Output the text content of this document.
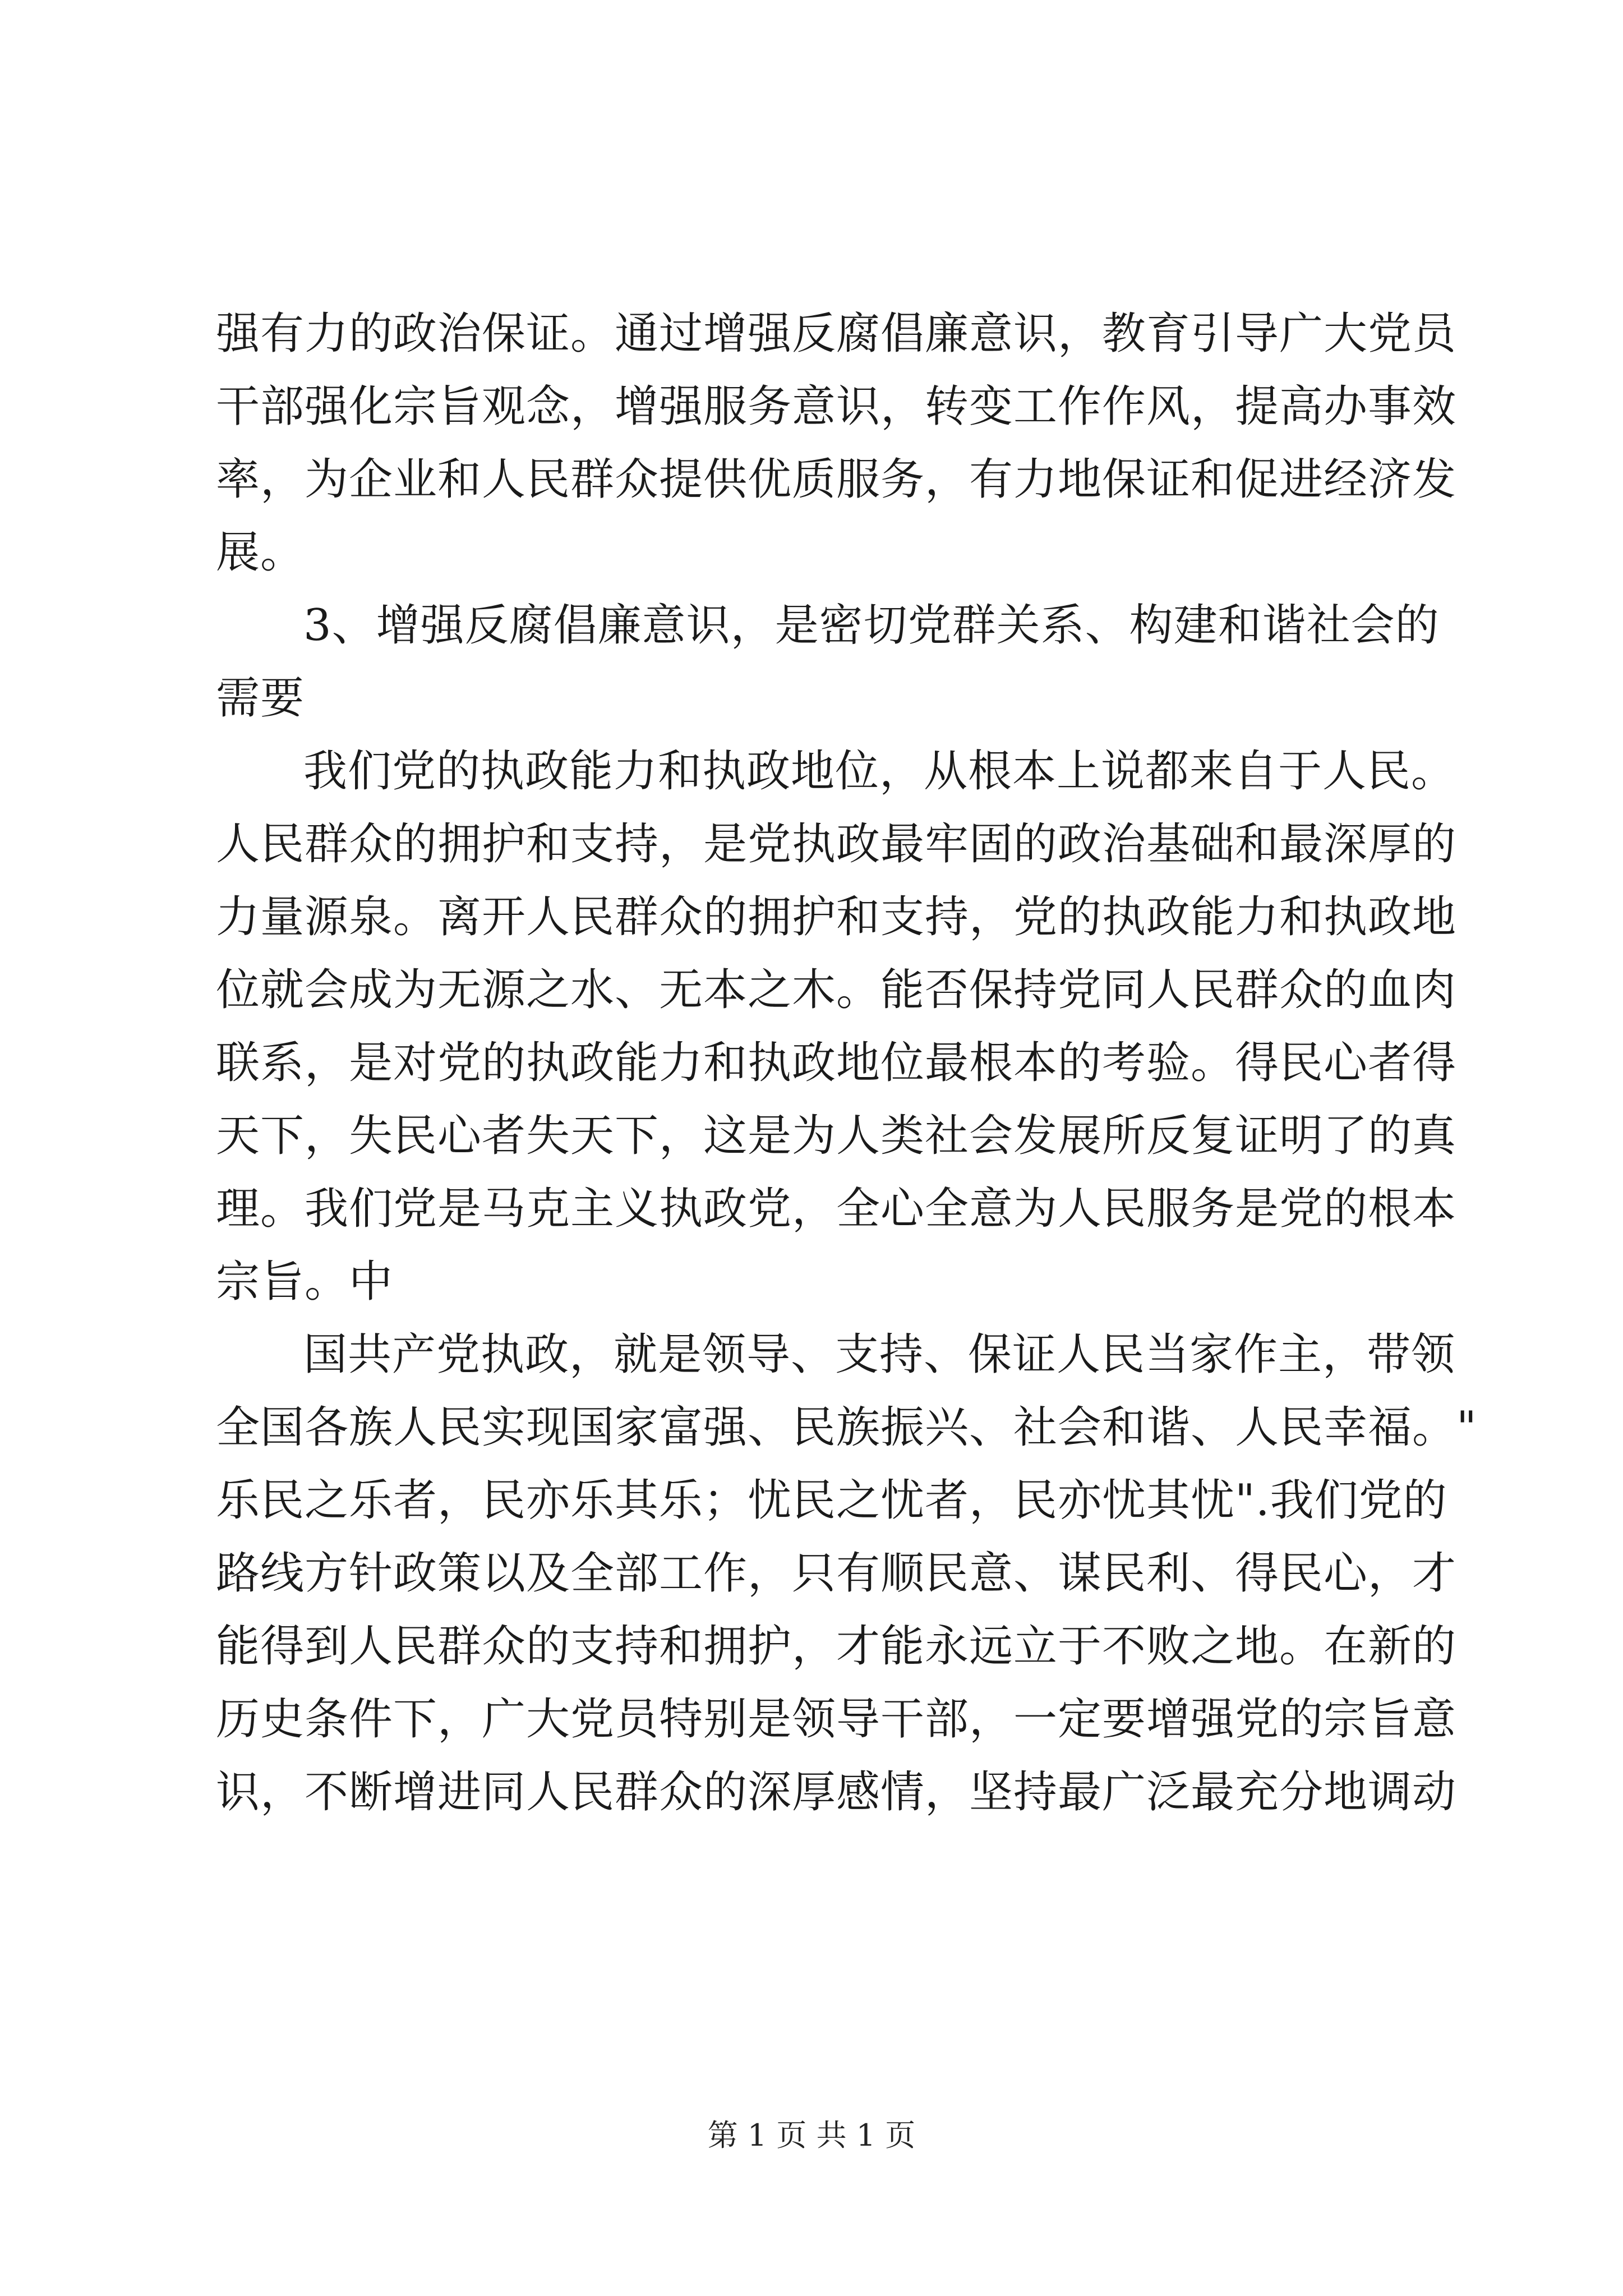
强有力的政治保证。通过增强反腐倡廉意识，教育引导广大党员
干部强化宗旨观念，增强服务意识，转变工作作风，提高办事效
率，为企业和人民群众提供优质服务，有力地保证和促进经济发
展。
3、增强反腐倡廉意识，是密切党群关系、构建和谐社会的
需要
我们党的执政能力和执政地位，从根本上说都来自于人民。
人民群众的拥护和支持，是党执政最牢固的政治基础和最深厚的
力量源泉。离开人民群众的拥护和支持，党的执政能力和执政地
位就会成为无源之水、无本之木。能否保持党同人民群众的血肉
联系，是对党的执政能力和执政地位最根本的考验。得民心者得
天下，失民心者失天下，这是为人类社会发展所反复证明了的真
理。我们党是马克主义执政党，全心全意为人民服务是党的根本
宗旨。中
国共产党执政，就是领导、支持、保证人民当家作主，带领
全国各族人民实现国家富强、民族振兴、社会和谐、人民幸福。"
乐民之乐者，民亦乐其乐；忧民之忧者，民亦忧其忧".我们党的
路线方针政策以及全部工作，只有顺民意、谋民利、得民心，才
能得到人民群众的支持和拥护，才能永远立于不败之地。在新的
历史条件下，广大党员特别是领导干部，一定要增强党的宗旨意
识，不断增进同人民群众的深厚感情，坚持最广泛最充分地调动
第 1 页 共 1 页
